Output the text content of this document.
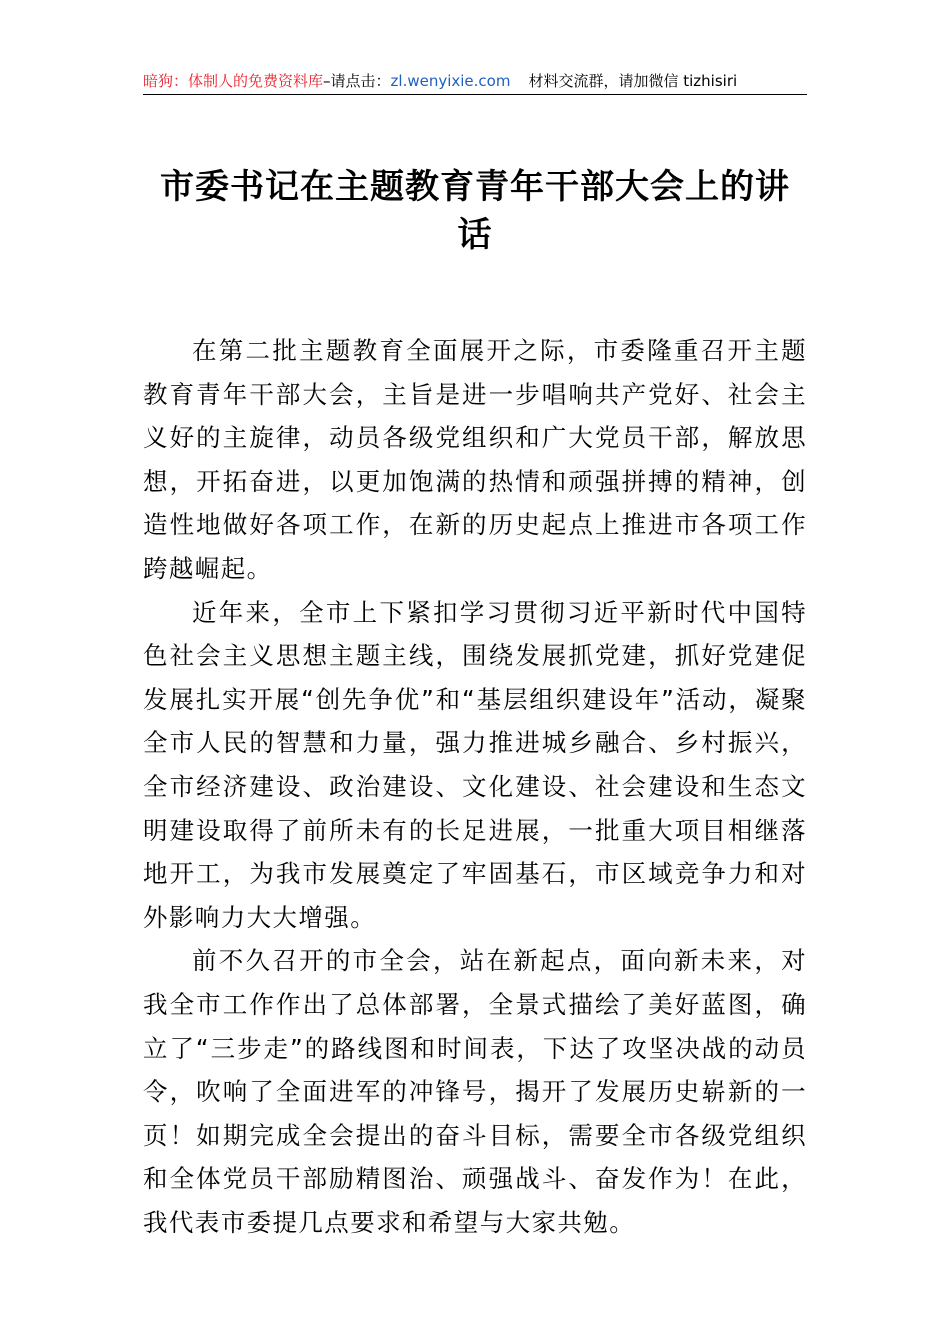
暗狗：体制人的免费资料库–请点击：zl.wenyixie.com 材料交流群，请加微信 tizhisiri
市委书记在主题教育青年干部大会上的讲
话

在第二批主题教育全面展开之际，市委隆重召开主题教育青年干部大会，主旨是进一步唱响共产党好、社会主义好的主旋律，动员各级党组织和广大党员干部，解放思想，开拓奋进，以更加饱满的热情和顽强拼搏的精神，创造性地做好各项工作，在新的历史起点上推进市各项工作跨越崛起。

近年来，全市上下紧扣学习贯彻习近平新时代中国特色社会主义思想主题主线，围绕发展抓党建，抓好党建促发展扎实开展“创先争优”和“基层组织建设年”活动，凝聚全市人民的智慧和力量，强力推进城乡融合、乡村振兴，全市经济建设、政治建设、文化建设、社会建设和生态文明建设取得了前所未有的长足进展，一批重大项目相继落地开工，为我市发展奠定了牢固基石，市区域竞争力和对外影响力大大增强。

前不久召开的市全会，站在新起点，面向新未来，对我全市工作作出了总体部署，全景式描绘了美好蓝图，确立了“三步走”的路线图和时间表，下达了攻坚决战的动员令，吹响了全面进军的冲锋号，揭开了发展历史崭新的一页！如期完成全会提出的奋斗目标，需要全市各级党组织和全体党员干部励精图治、顽强战斗、奋发作为！在此，我代表市委提几点要求和希望与大家共勉。
